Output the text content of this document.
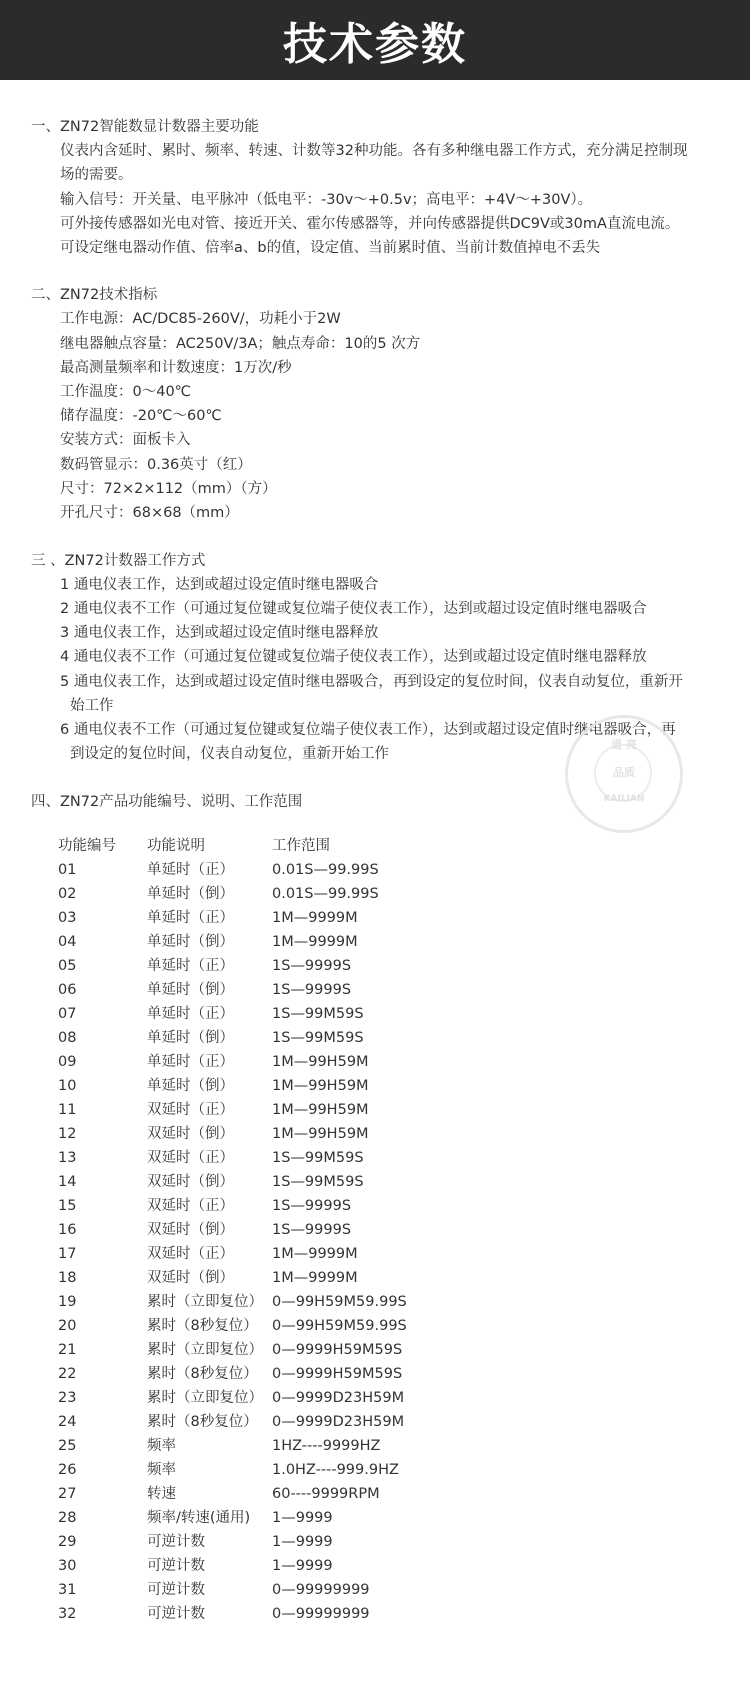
技术参数
一、ZN72智能数显计数器主要功能
仪表内含延时、累时、频率、转速、计数等32种功能。各有多种继电器工作方式，充分满足控制现
场的需要。
输入信号：开关量、电平脉冲（低电平：-30v～+0.5v；高电平：+4V～+30V）。
可外接传感器如光电对管、接近开关、霍尔传感器等，并向传感器提供DC9V或30mA直流电流。
可设定继电器动作值、倍率a、b的值，设定值、当前累时值、当前计数值掉电不丢失
二、ZN72技术指标
工作电源：AC/DC85-260V/，功耗小于2W
继电器触点容量：AC250V/3A；触点寿命：10的5 次方
最高测量频率和计数速度：1万次/秒
工作温度：0～40℃
储存温度：-20℃～60℃
安装方式：面板卡入
数码管显示：0.36英寸（红）
尺寸：72×2×112（mm）（方）
开孔尺寸：68×68（mm）
三 、ZN72计数器工作方式
1 通电仪表工作，达到或超过设定值时继电器吸合
2 通电仪表不工作（可通过复位键或复位端子使仪表工作），达到或超过设定值时继电器吸合
3 通电仪表工作，达到或超过设定值时继电器释放
4 通电仪表不工作（可通过复位键或复位端子使仪表工作），达到或超过设定值时继电器释放
5 通电仪表工作，达到或超过设定值时继电器吸合，再到设定的复位时间，仪表自动复位，重新开
始工作
6 通电仪表不工作（可通过复位键或复位端子使仪表工作），达到或超过设定值时继电器吸合，再
到设定的复位时间，仪表自动复位，重新开始工作
道 亮
品质
KAILIAN
四、ZN72产品功能编号、说明、工作范围
功能编号 功能说明	工作范围
01	单延时（正）	0.01S—99.99S
02	单延时（倒）	0.01S—99.99S
03	单延时（正）	1M—9999M
04	单延时（倒）	1M—9999M
05	单延时（正）	1S—9999S
06	单延时（倒）	1S—9999S
07	单延时（正）	1S—99M59S
08	单延时（倒）	1S—99M59S
09	单延时（正）	1M—99H59M
10	单延时（倒）	1M—99H59M
11	双延时（正）	1M—99H59M
12	双延时（倒）	1M—99H59M
13	双延时（正）	1S—99M59S
14	双延时（倒）	1S—99M59S
15	双延时（正）	1S—9999S
16	双延时（倒）	1S—9999S
17	双延时（正）	1M—9999M
18	双延时（倒）	1M—9999M
19	累时（立即复位） 0—99H59M59.99S
20	累时（8秒复位） 0—99H59M59.99S
21	累时（立即复位） 0—9999H59M59S
22	累时（8秒复位） 0—9999H59M59S
23	累时（立即复位） 0—9999D23H59M
24	累时（8秒复位） 0—9999D23H59M
25	频率	1HZ----9999HZ
26	频率	1.0HZ----999.9HZ
27	转速	60----9999RPM
28	频率/转速(通用) 1—9999
29	可逆计数	1—9999
30	可逆计数	1—9999
31	可逆计数	0—99999999
32	可逆计数	0—99999999
